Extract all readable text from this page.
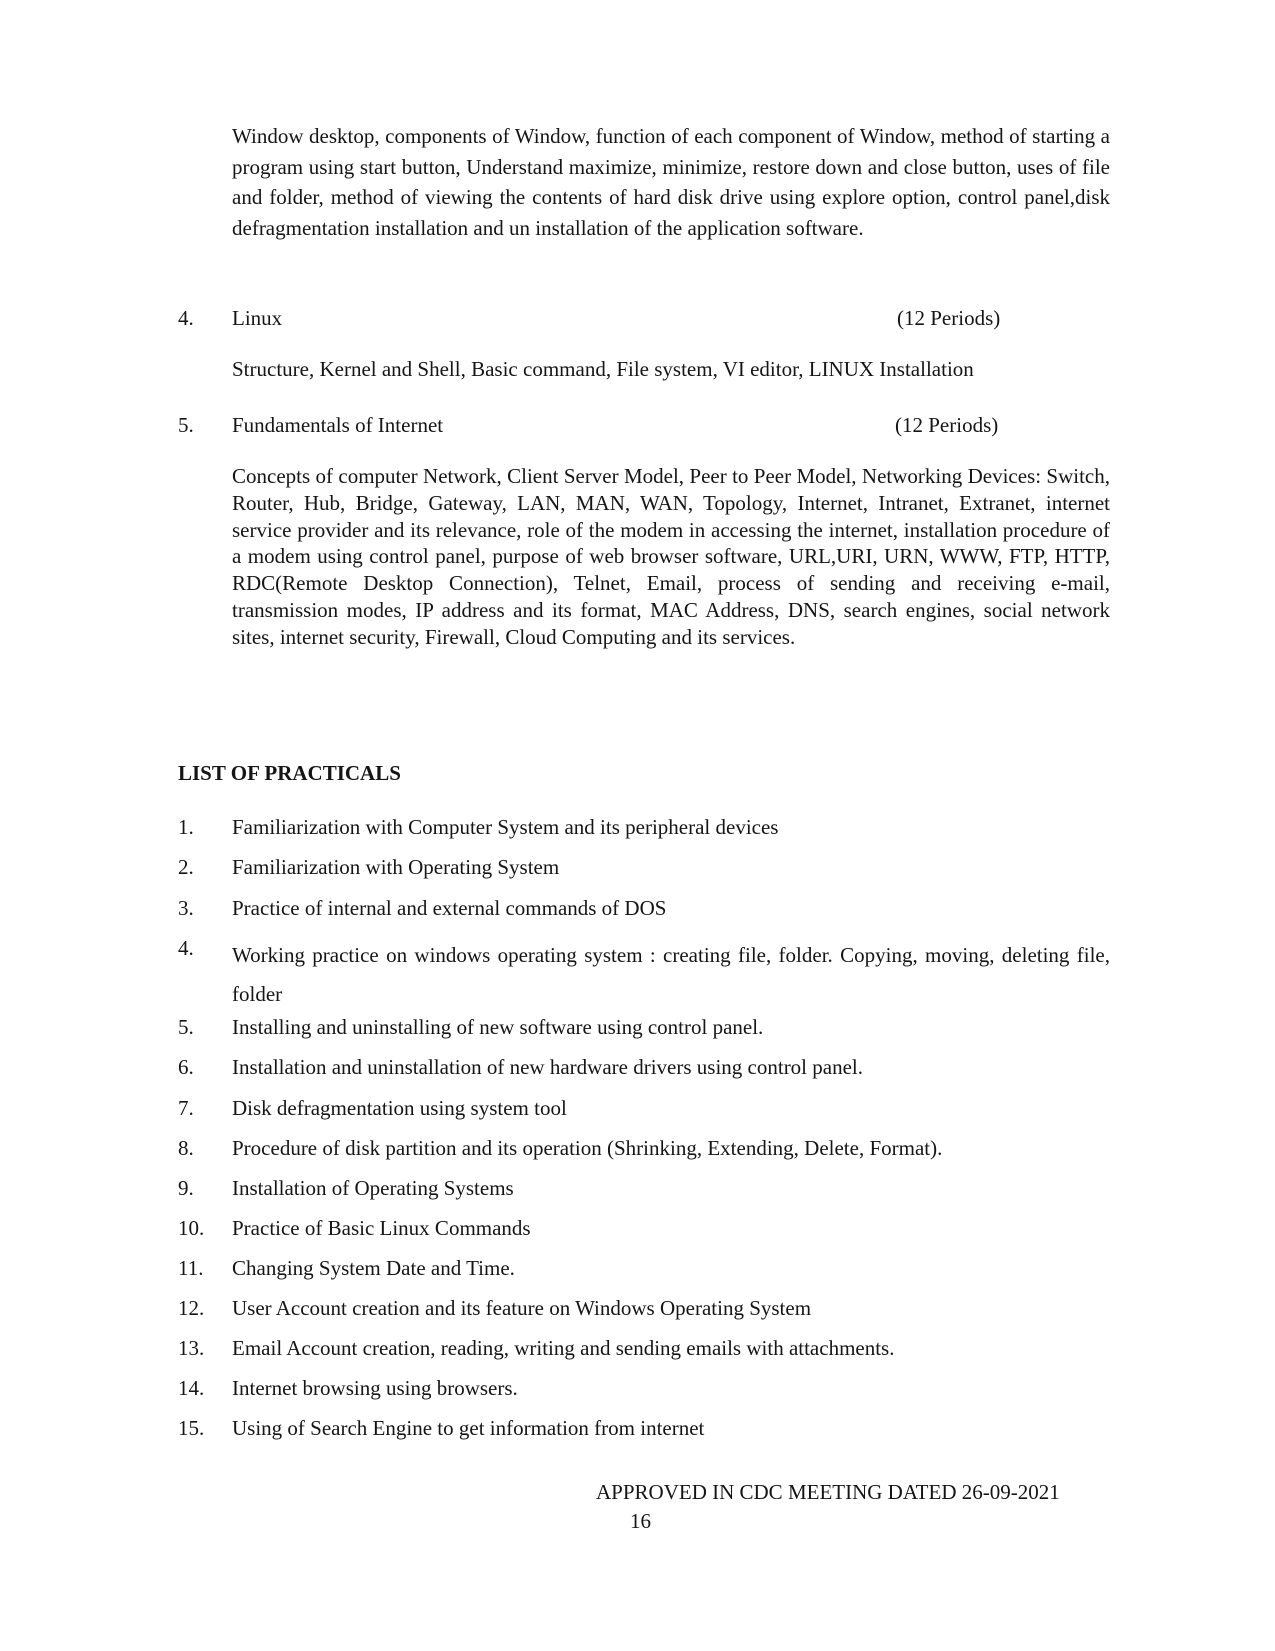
Window desktop, components of Window, function of each component of Window, method of starting a program using start button, Understand maximize, minimize, restore down and close button, uses of file and folder, method of viewing the contents of hard disk drive using explore option, control panel,disk defragmentation installation and un installation of the application software.
4. Linux	(12 Periods)
Structure, Kernel and Shell, Basic command, File system, VI editor, LINUX Installation
5. Fundamentals of Internet	(12 Periods)
Concepts of computer Network, Client Server Model, Peer to Peer Model, Networking Devices: Switch, Router, Hub, Bridge, Gateway, LAN, MAN, WAN, Topology, Internet, Intranet, Extranet, internet service provider and its relevance, role of the modem in accessing the internet, installation procedure of a modem using control panel, purpose of web browser software, URL,URI, URN, WWW, FTP, HTTP, RDC(Remote Desktop Connection), Telnet, Email, process of sending and receiving e-mail, transmission modes, IP address and its format, MAC Address, DNS, search engines, social network sites, internet security, Firewall, Cloud Computing and its services.
LIST OF PRACTICALS
1. Familiarization with Computer System and its peripheral devices
2. Familiarization with Operating System
3. Practice of internal and external commands of DOS
4. Working practice on windows operating system : creating file, folder. Copying, moving, deleting file, folder
5. Installing and uninstalling of new software using control panel.
6. Installation and uninstallation of new hardware drivers using control panel.
7. Disk defragmentation using system tool
8. Procedure of disk partition and its operation (Shrinking, Extending, Delete, Format).
9. Installation of Operating Systems
10. Practice of Basic Linux Commands
11. Changing System Date and Time.
12. User Account creation and its feature on Windows Operating System
13. Email Account creation, reading, writing and sending emails with attachments.
14. Internet browsing using browsers.
15. Using of Search Engine to get information from internet
APPROVED IN CDC MEETING DATED 26-09-2021
16
